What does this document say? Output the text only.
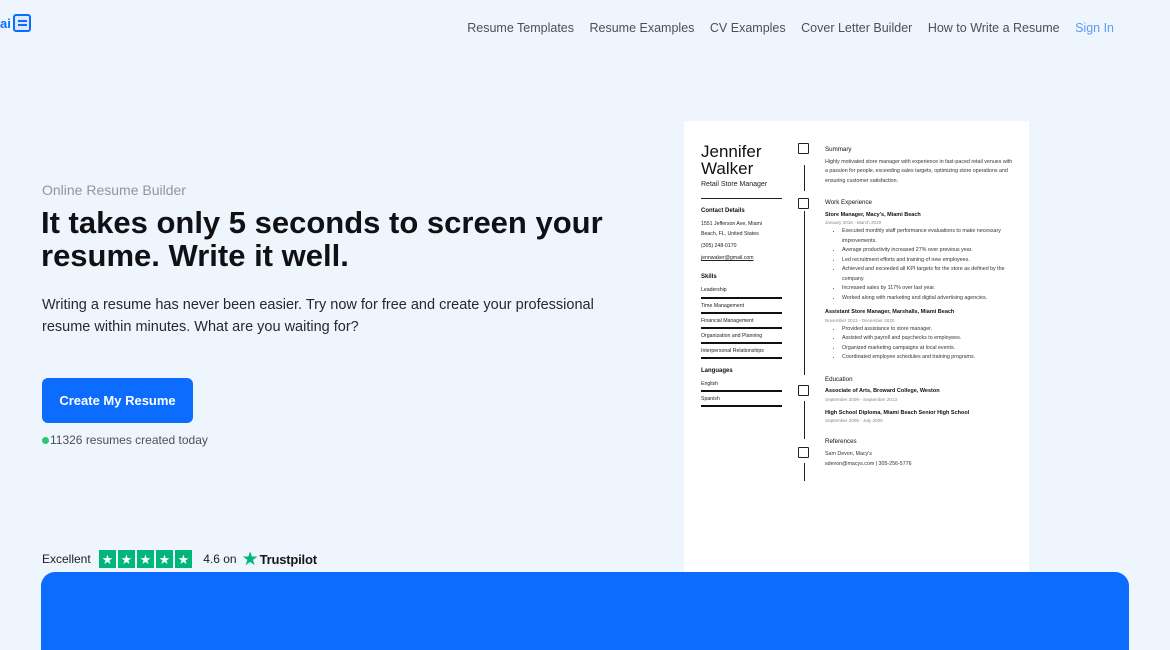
ai	Resume Templates Resume Examples CV Examples Cover Letter Builder How to Write a Resume Sign In
Online Resume Builder
It takes only 5 seconds to screen your resume. Write it well.

Writing a resume has never been easier. Try now for free and create your professional resume within minutes. What are you waiting for?

Create My Resume
11326 resumes created today
Excellent ★ ★ ★ ★ ★ 4.6 on ★ Trustpilot
Jennifer
Walker
Retail Store Manager
Contact Details
1551 Jefferson Ave, Miami
Beach, FL, United States
(305) 248-0170
jennwaker@gmail.com
Skills
Leadership
Time Management
Financial Management
Organization and Planning
Interpersonal Relationships
Languages
English
Spanish
Summary
Highly motivated store manager with experience in fast-paced retail venues with a passion for people, exceeding sales targets, optimizing store operations and ensuring customer satisfaction.
Work Experience
Store Manager, Macy's, Miami Beach
January 2016 - March 2020
• Executed monthly staff performance evaluations to make necessary improvements.
• Average productivity increased 27% over previous year.
• Led recruitment efforts and training of new employees.
• Achieved and exceeded all KPI targets for the store as defined by the company.
• Increased sales by 117% over last year.
• Worked along with marketing and digital advertising agencies.
Assistant Store Manager, Marshalls, Miami Beach
November 2013 - December 2020
• Provided assistance to store manager.
• Assisted with payroll and paychecks to employees.
• Organized marketing campaigns at local events.
• Coordinated employee schedules and training programs.
Education
Associate of Arts, Broward College, Weston
September 2009 - September 2013
High School Diploma, Miami Beach Senior High School
September 2005 - July 2009
References
Sam Devon, Macy's
sdevon@macys.com | 305-256-5776
